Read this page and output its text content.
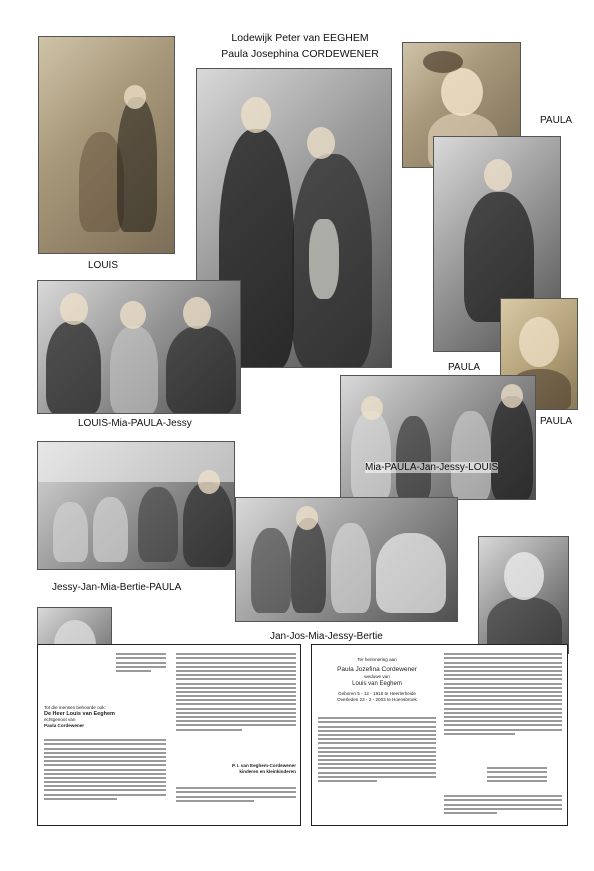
Lodewijk Peter van EEGHEM
Paula Josephina CORDEWENER
LOUIS
PAULA
PAULA
PAULA
LOUIS-Mia-PAULA-Jessy
Mia-PAULA-Jan-Jessy-LOUIS
Jessy-Jan-Mia-Bertie-PAULA
Jan-Jos-Mia-Jessy-Bertie
Tot die mensen behoorde ook:
De Heer Louis van Eeghem
echtgenoot van
Paula Cordewener
P. I. van Eeghem-Cordewener
kinderen en kleinkinderen
Ter herinnering aan
Paula Jozefina Cordewener
weduwe van
Louis van Eeghem
Geboren 5 - 12 - 1916 te Heerlerheide
Overleden 23 - 2 - 2003 te Hoensbroek
